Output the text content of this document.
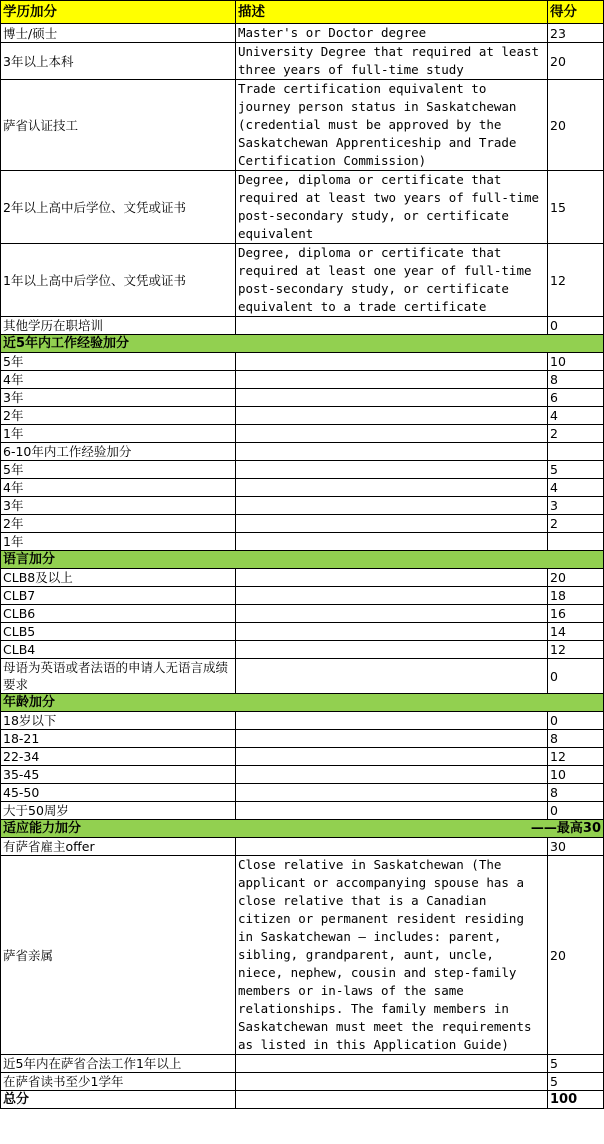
学历加分	描述	得分
博士/硕士	Master's or Doctor degree	23
3年以上本科	University Degree that required at least three years of full-time study	20
萨省认证技工	Trade certification equivalent to journey person status in Saskatchewan (credential must be approved by the Saskatchewan Apprenticeship and Trade Certification Commission)	20
2年以上高中后学位、文凭或证书	Degree, diploma or certificate that required at least two years of full-time post-secondary study, or certificate equivalent	15
1年以上高中后学位、文凭或证书	Degree, diploma or certificate that required at least one year of full-time post-secondary study, or certificate equivalent to a trade certificate	12
其他学历在职培训		0
近5年内工作经验加分		
5年		10
4年		8
3年		6
2年		4
1年		2
6-10年内工作经验加分		
5年		5
4年		4
3年		3
2年		2
1年		
语言加分		
CLB8及以上		20
CLB7		18
CLB6		16
CLB5		14
CLB4		12
母语为英语或者法语的申请人无语言成绩要求		0
年龄加分		
18岁以下		0
18-21		8
22-34		12
35-45		10
45-50		8
大于50周岁		0
适应能力加分 ——最高30		

有萨省雇主offer		30
萨省亲属	Close relative in Saskatchewan (The applicant or accompanying spouse has a close relative that is a Canadian citizen or permanent resident residing in Saskatchewan – includes: parent, sibling, grandparent, aunt, uncle, niece, nephew, cousin and step-family members or in-laws of the same relationships. The family members in Saskatchewan must meet the requirements as listed in this Application Guide)	20
近5年内在萨省合法工作1年以上		5
在萨省读书至少1学年		5
总分		100
